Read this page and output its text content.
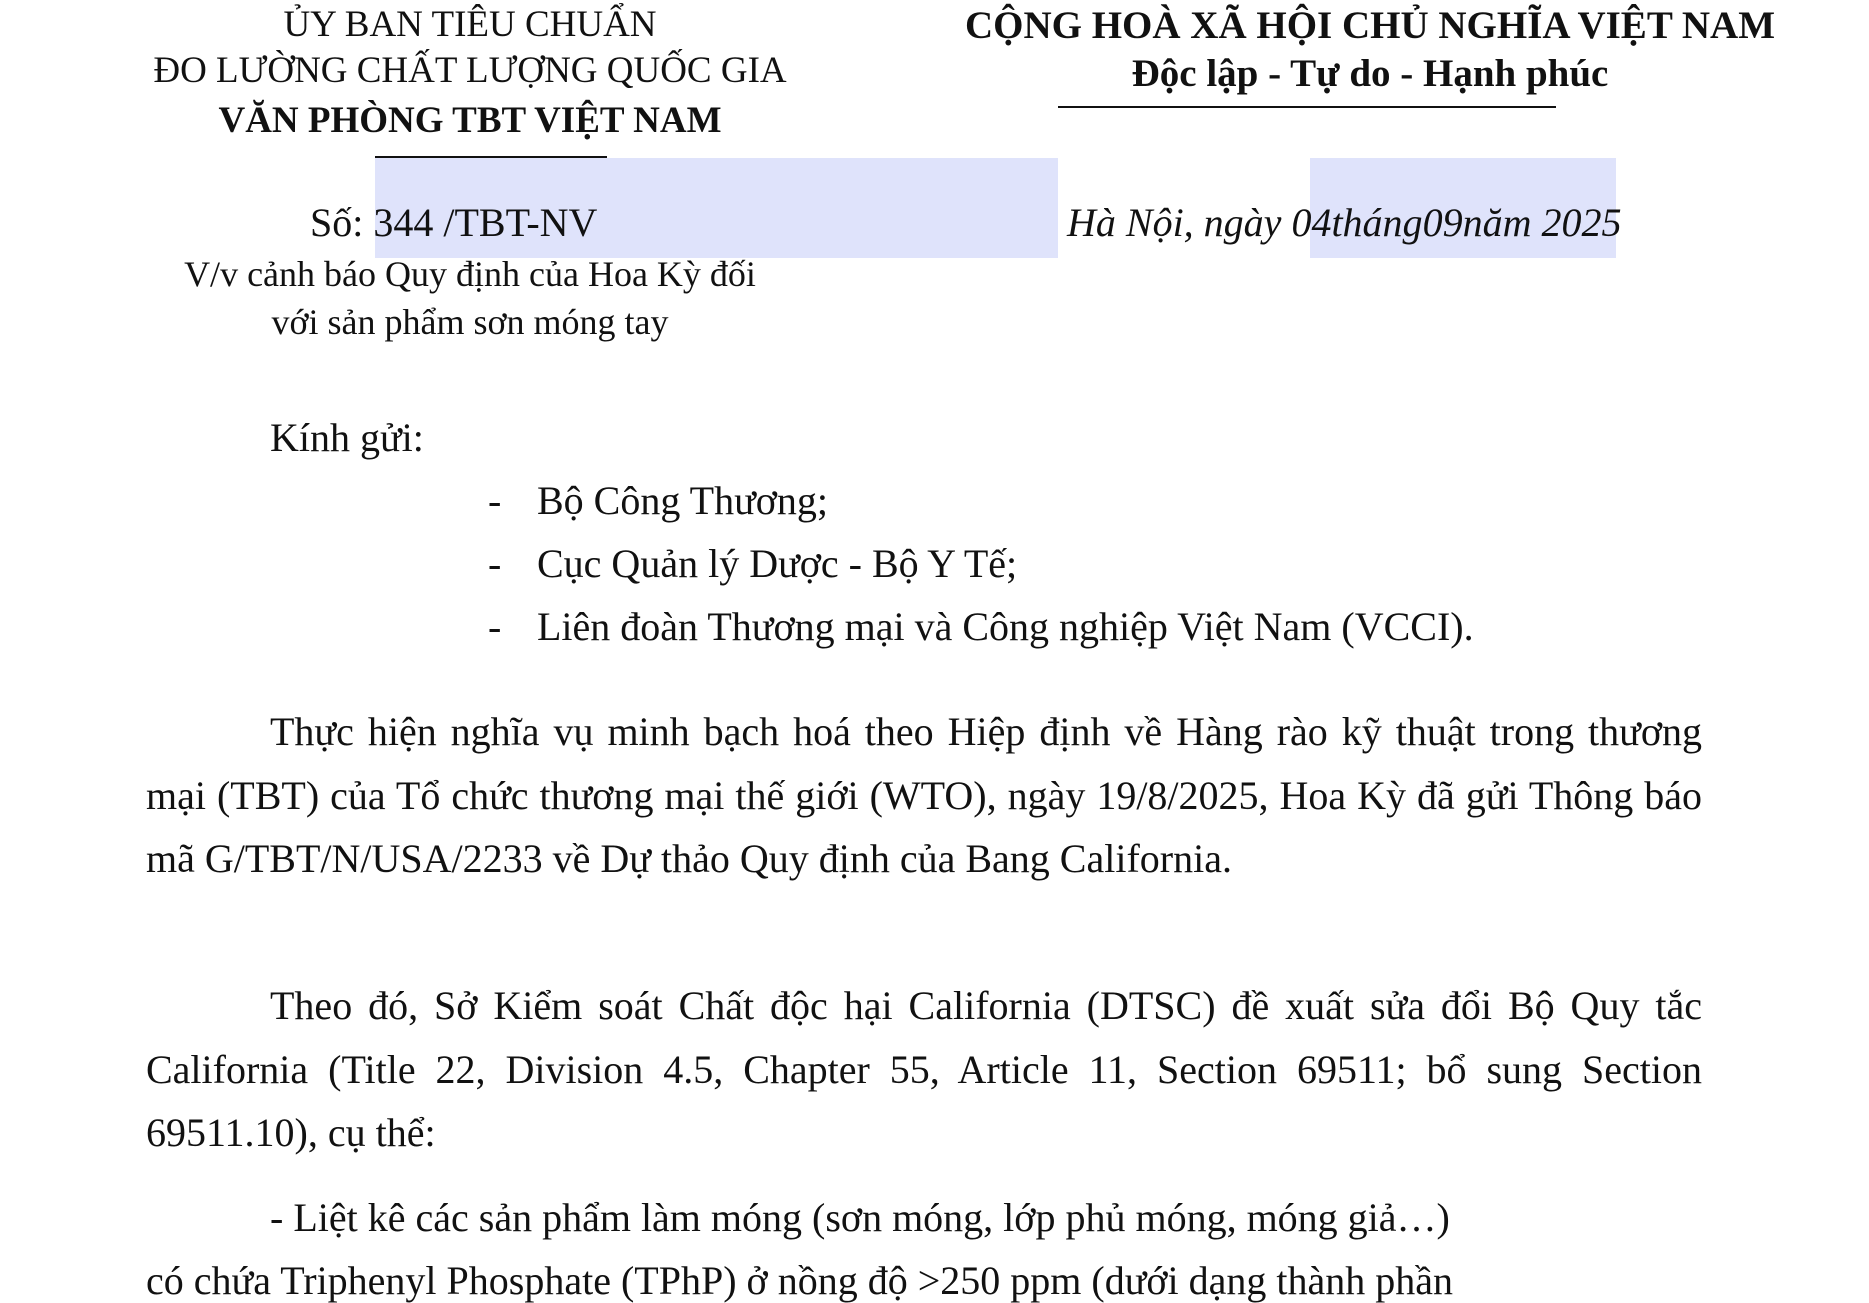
ỦY BAN TIÊU CHUẨN
ĐO LƯỜNG CHẤT LƯỢNG QUỐC GIA
VĂN PHÒNG TBT VIỆT NAM
CỘNG HOÀ XÃ HỘI CHỦ NGHĨA VIỆT NAM
Độc lập - Tự do - Hạnh phúc
Số: 344 /TBT-NV	Hà Nội, ngày 04tháng09năm 2025
V/v cảnh báo Quy định của Hoa Kỳ đối
với sản phẩm sơn móng tay
Kính gửi:
- Bộ Công Thương;
- Cục Quản lý Dược - Bộ Y Tế;
- Liên đoàn Thương mại và Công nghiệp Việt Nam (VCCI).
Thực hiện nghĩa vụ minh bạch hoá theo Hiệp định về Hàng rào kỹ thuật trong thương mại (TBT) của Tổ chức thương mại thế giới (WTO), ngày 19/8/2025, Hoa Kỳ đã gửi Thông báo mã G/TBT/N/USA/2233 về Dự thảo Quy định của Bang California.
Theo đó, Sở Kiểm soát Chất độc hại California (DTSC) đề xuất sửa đổi Bộ Quy tắc California (Title 22, Division 4.5, Chapter 55, Article 11, Section 69511; bổ sung Section 69511.10), cụ thể:
- Liệt kê các sản phẩm làm móng (sơn móng, lớp phủ móng, móng giả…)
có chứa Triphenyl Phosphate (TPhP) ở nồng độ >250 ppm (dưới dạng thành phần
